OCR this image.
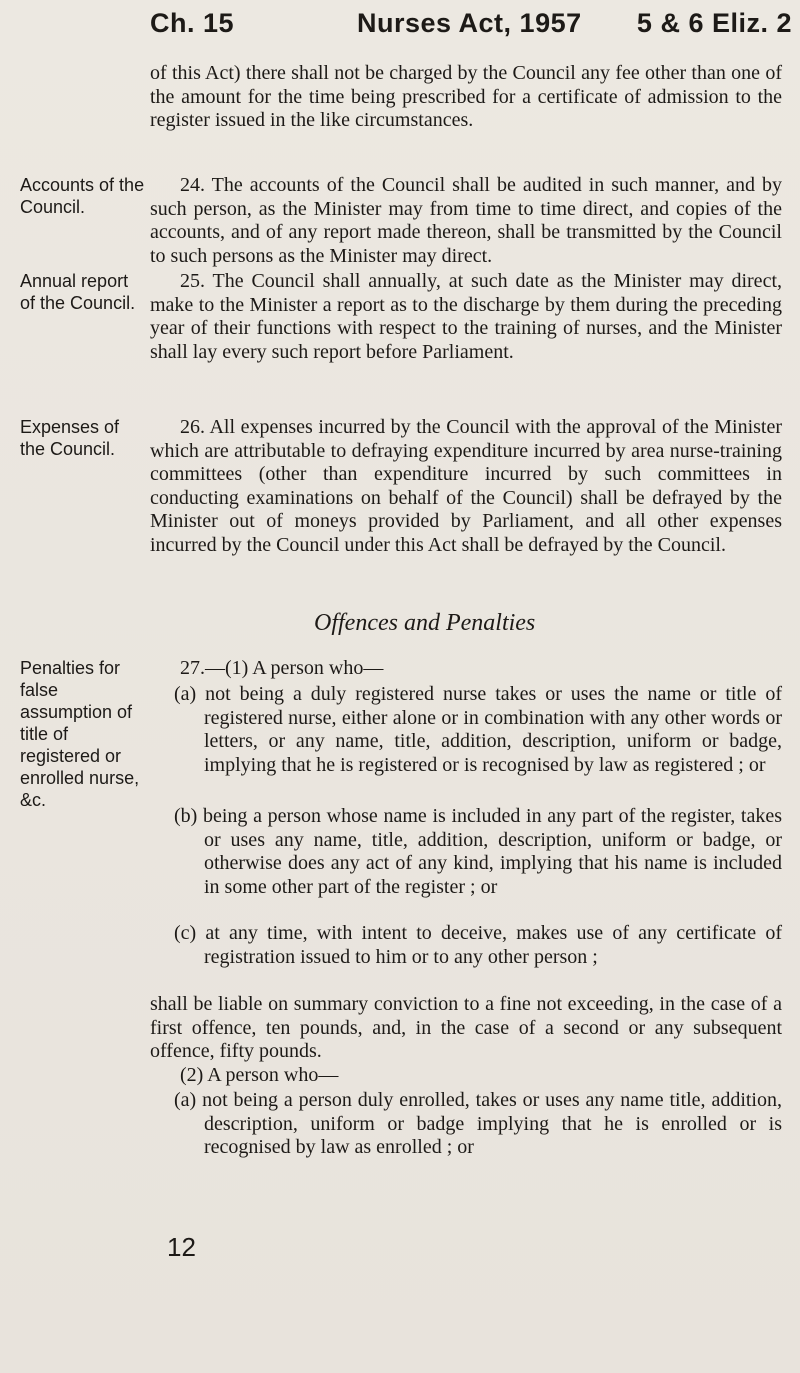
Ch. 15	Nurses Act, 1957 5 & 6 Eliz. 2
Accounts of the Council.
Annual report of the Council.
Expenses of the Council.
Penalties for false assumption of title of registered or enrolled nurse, &c.

of this Act) there shall not be charged by the Council any fee other than one of the amount for the time being prescribed for a certificate of admission to the register issued in the like circumstances.

24. The accounts of the Council shall be audited in such manner, and by such person, as the Minister may from time to time direct, and copies of the accounts, and of any report made thereon, shall be transmitted by the Council to such persons as the Minister may direct.

25. The Council shall annually, at such date as the Minister may direct, make to the Minister a report as to the discharge by them during the preceding year of their functions with respect to the training of nurses, and the Minister shall lay every such report before Parliament.

26. All expenses incurred by the Council with the approval of the Minister which are attributable to defraying expenditure incurred by area nurse-training committees (other than expenditure incurred by such committees in conducting examinations on behalf of the Council) shall be defrayed by the Minister out of moneys provided by Parliament, and all other expenses incurred by the Council under this Act shall be defrayed by the Council.

Offences and Penalties

27.—(1) A person who—

(a) not being a duly registered nurse takes or uses the name or title of registered nurse, either alone or in combination with any other words or letters, or any name, title, addition, description, uniform or badge, implying that he is registered or is recognised by law as registered ; or

(b) being a person whose name is included in any part of the register, takes or uses any name, title, addition, description, uniform or badge, or otherwise does any act of any kind, implying that his name is included in some other part of the register ; or

(c) at any time, with intent to deceive, makes use of any certificate of registration issued to him or to any other person ;

shall be liable on summary conviction to a fine not exceeding, in the case of a first offence, ten pounds, and, in the case of a second or any subsequent offence, fifty pounds.

(2) A person who—

(a) not being a person duly enrolled, takes or uses any name title, addition, description, uniform or badge implying that he is enrolled or is recognised by law as enrolled ; or

12
